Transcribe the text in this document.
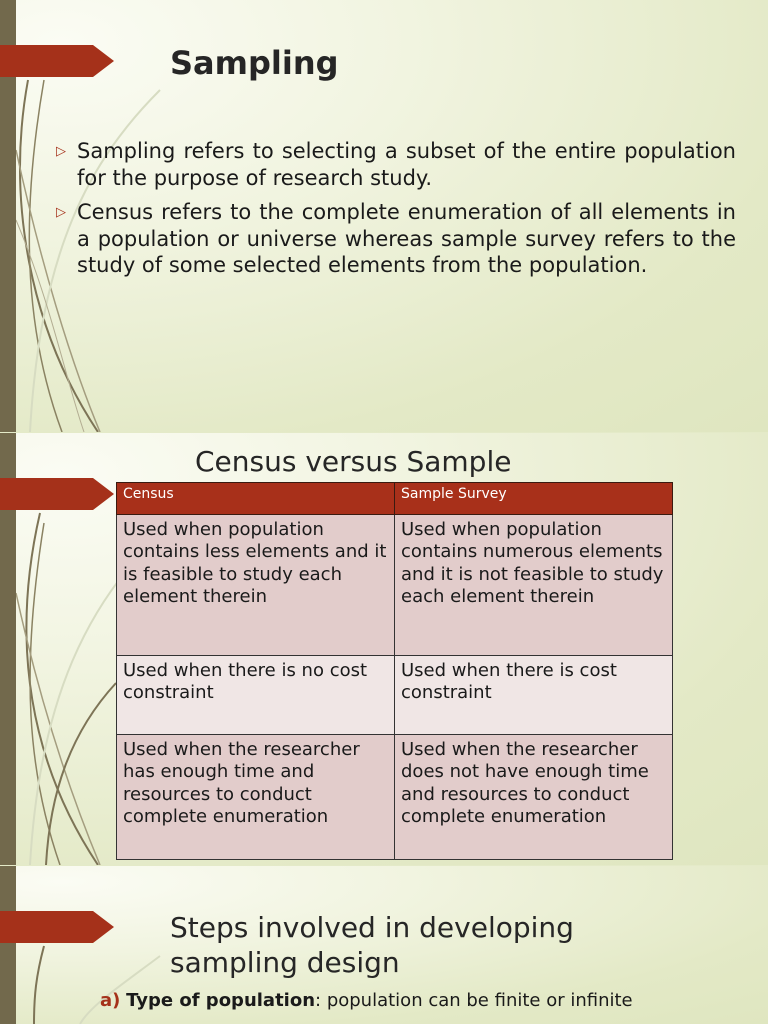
Sampling
▷ Sampling refers to selecting a subset of the entire population for the purpose of research study.
▷ Census refers to the complete enumeration of all elements in a population or universe whereas sample survey refers to the study of some selected elements from the population.
Census versus Sample
Census	Sample Survey
Used when population contains less elements and it is feasible to study each element therein	Used when population contains numerous elements and it is not feasible to study each element therein
Used when there is no cost constraint	Used when there is cost constraint
Used when the researcher has enough time and resources to conduct complete enumeration	Used when the researcher does not have enough time and resources to conduct complete enumeration
Steps involved in developing
sampling design
a) Type of population: population can be finite or infinite
